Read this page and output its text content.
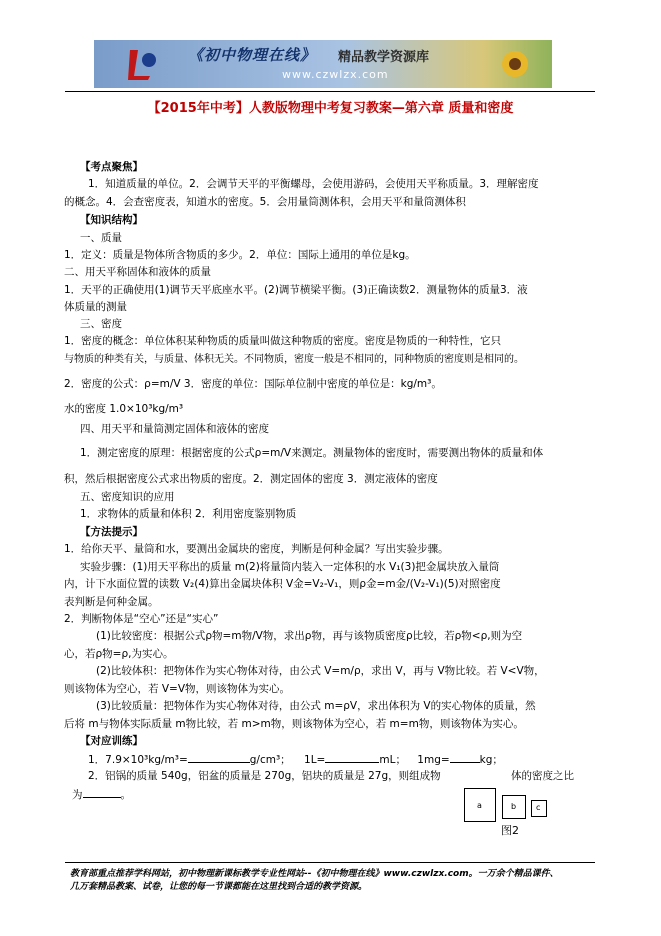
《初中物理在线》 精品教学资源库
www.czwlzx.com
【2015年中考】人教版物理中考复习教案—第六章 质量和密度
【考点聚焦】
1．知道质量的单位。2．会调节天平的平衡螺母，会使用游码，会使用天平称质量。3．理解密度
的概念。4．会查密度表，知道水的密度。5．会用量筒测体积，会用天平和量筒测体积
【知识结构】
一、质量
1．定义：质量是物体所含物质的多少。2．单位：国际上通用的单位是kg。
二、用天平称固体和液体的质量
1．天平的正确使用(1)调节天平底座水平。(2)调节横梁平衡。(3)正确读数2．测量物体的质量3．液
体质量的测量
三、密度
1．密度的概念：单位体积某种物质的质量叫做这种物质的密度。密度是物质的一种特性，它只
与物质的种类有关，与质量、体积无关。不同物质，密度一般是不相同的，同种物质的密度则是相同的。
2．密度的公式：ρ=m/V 3．密度的单位：国际单位制中密度的单位是：kg/m³。
水的密度 1.0×10³kg/m³
四、用天平和量筒测定固体和液体的密度
1．测定密度的原理：根据密度的公式ρ=m/V来测定。测量物体的密度时，需要测出物体的质量和体
积，然后根据密度公式求出物质的密度。2．测定固体的密度 3．测定液体的密度
五、密度知识的应用
1．求物体的质量和体积 2．利用密度鉴别物质
【方法提示】
1．给你天平、量筒和水，要测出金属块的密度，判断是何种金属？写出实验步骤。
实验步骤：(1)用天平称出的质量 m(2)将量筒内装入一定体积的水 V₁(3)把金属块放入量筒
内，计下水面位置的读数 V₂(4)算出金属块体积 V金=V₂-V₁，则ρ金=m金/(V₂-V₁)(5)对照密度
表判断是何种金属。
2．判断物体是“空心”还是“实心”
(1)比较密度：根据公式ρ物=m物/V物，求出ρ物，再与该物质密度ρ比较，若ρ物<ρ,则为空
心，若ρ物=ρ,为实心。
(2)比较体积：把物体作为实心物体对待，由公式 V=m/ρ，求出 V，再与 V物比较。若 V<V物，
则该物体为空心，若 V=V物，则该物体为实心。
(3)比较质量：把物体作为实心物体对待，由公式 m=ρV，求出体积为 V的实心物体的质量，然
后将 m与物体实际质量 m物比较，若 m>m物，则该物体为空心，若 m=m物，则该物体为实心。
【对应训练】
1．7.9×10³kg/m³=	g/cm³； 1L=	mL； 1mg=	kg；
2．铝锅的质量 540g，铝盆的质量是 270g，铝块的质量是 27g，则组成物	体的密度之比
为	。
a	b c
图2
教育部重点推荐学科网站，初中物理新课标教学专业性网站--《初中物理在线》www.czwlzx.com。一万余个精品课件、
几万套精品教案、试卷，让您的每一节课都能在这里找到合适的教学资源。
